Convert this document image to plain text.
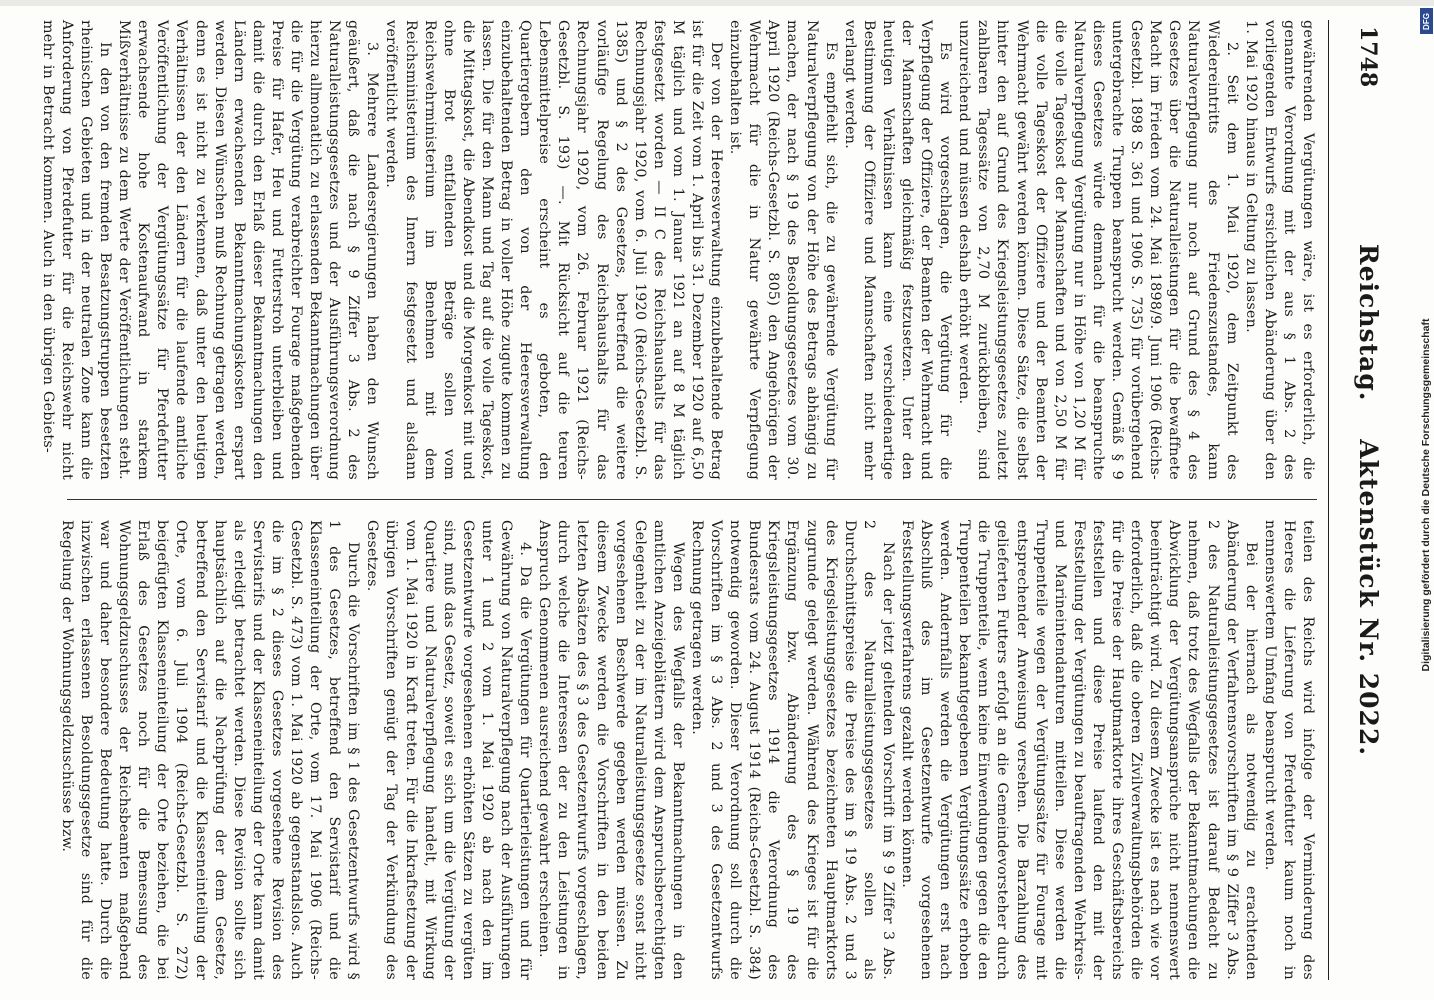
1748
Reichstag. Aktenstück Nr. 2022.

gewährenden Vergütungen wäre, ist es erforderlich, die genannte Verordnung mit der aus § 1 Abs. 2 des vorliegenden Entwurfs ersichtlichen Abänderung über den 1. Mai 1920 hinaus in Geltung zu lassen.

2. Seit dem 1. Mai 1920, dem Zeitpunkt des Wiedereintritts des Friedenszustandes, kann Naturalverpflegung nur noch auf Grund des § 4 des Gesetzes über die Naturalleistungen für die bewaffnete Macht im Frieden vom 24. Mai 1898/9. Juni 1906 (Reichs-Gesetzbl. 1898 S. 361 und 1906 S. 735) für vorübergehend untergebrachte Truppen beansprucht werden. Gemäß § 9 dieses Gesetzes würde demnach für die beanspruchte Naturalverpflegung Vergütung nur in Höhe von 1,20 M für die volle Tageskost der Mannschaften und von 2,50 M für die volle Tageskost der Offiziere und der Beamten der Wehrmacht gewährt werden können. Diese Sätze, die selbst hinter den auf Grund des Kriegsleistungsgesetzes zuletzt zahlbaren Tagessätze von 2,70 M zurückbleiben, sind unzureichend und müssen deshalb erhöht werden.

Es wird vorgeschlagen, die Vergütung für die Verpflegung der Offiziere, der Beamten der Wehrmacht und der Mannschaften gleichmäßig festzusetzen. Unter den heutigen Verhältnissen kann eine verschiedenartige Bestimmung der Offiziere und Mannschaften nicht mehr verlangt werden.

Es empfiehlt sich, die zu gewährende Vergütung für Naturalverpflegung von der Höhe des Betrags abhängig zu machen, der nach § 19 des Besoldungsgesetzes vom 30. April 1920 (Reichs-Gesetzbl. S. 805) den Angehörigen der Wehrmacht für die in Natur gewährte Verpflegung einzubehalten ist.

Der von der Heeresverwaltung einzubehaltende Betrag ist für die Zeit vom 1. April bis 31. Dezember 1920 auf 6,50 M täglich und vom 1. Januar 1921 an auf 8 M täglich festgesetzt worden — II C des Reichshaushalts für das Rechnungsjahr 1920, vom 6. Juli 1920 (Reichs-Gesetzbl. S. 1385) und § 2 des Gesetzes, betreffend die weitere vorläufige Regelung des Reichshaushalts für das Rechnungsjahr 1920, vom 26. Februar 1921 (Reichs-Gesetzbl. S. 193) —. Mit Rücksicht auf die teuren Lebensmittelpreise erscheint es geboten, den Quartiergebern den von der Heeresverwaltung einzubehaltenden Betrag in voller Höhe zugute kommen zu lassen. Die für den Mann und Tag auf die volle Tageskost, die Mittagskost, die Abendkost und die Morgenkost mit und ohne Brot entfallenden Beträge sollen vom Reichswehrministerium im Benehmen mit dem Reichsministerium des Innern festgesetzt und alsdann veröffentlicht werden.

3. Mehrere Landesregierungen haben den Wunsch geäußert, daß die nach § 9 Ziffer 3 Abs. 2 des Naturalleistungsgesetzes und der Ausführungsverordnung hierzu allmonatlich zu erlassenden Bekanntmachungen über die für die Vergütung verabreichter Fourage maßgebenden Preise für Hafer, Heu und Futterstroh unterbleiben und damit die durch den Erlaß dieser Bekanntmachungen den Ländern erwachsenden Bekanntmachungskosten erspart werden. Diesen Wünschen muß Rechnung getragen werden, denn es ist nicht zu verkennen, daß unter den heutigen Verhältnissen der den Ländern für die laufende amtliche Veröffentlichung der Vergütungssätze für Pferdefutter erwachsende hohe Kostenaufwand in starkem Mißverhältnisse zu dem Werte der Veröffentlichungen steht.

In den von den fremden Besatzungstruppen besetzten rheinischen Gebieten und in der neutralen Zone kann die Anforderung von Pferdefutter für die Reichswehr nicht mehr in Betracht kommen. Auch in den übrigen Gebiets-

teilen des Reichs wird infolge der Verminderung des Heeres die Lieferung von Pferdefutter kaum noch in nennenswertem Umfang beansprucht werden.

Bei der hiernach als notwendig zu erachtenden Abänderung der Verfahrensvorschriften im § 9 Ziffer 3 Abs. 2 des Naturalleistungsgesetzes ist darauf Bedacht zu nehmen, daß trotz des Wegfalls der Bekanntmachungen die Abwicklung der Vergütungsansprüche nicht nennenswert beeinträchtigt wird. Zu diesem Zwecke ist es nach wie vor erforderlich, daß die oberen Zivilverwaltungsbehörden die für die Preise der Hauptmarktorte ihres Geschäftsbereichs feststellen und diese Preise laufend den mit der Feststellung der Vergütungen zu beauftragenden Wehrkreis- und Marineintendanturen mitteilen. Diese werden die Truppenteile wegen der Vergütungssätze für Fourage mit entsprechender Anweisung versehen. Die Barzahlung des gelieferten Futters erfolgt an die Gemeindevorsteher durch die Truppenteile, wenn keine Einwendungen gegen die den Truppenteilen bekanntgegebenen Vergütungssätze erhoben werden. Andernfalls werden die Vergütungen erst nach Abschluß des im Gesetzentwurfe vorgesehenen Feststellungsverfahrens gezahlt werden können.

Nach der jetzt geltenden Vorschrift im § 9 Ziffer 3 Abs. 2 des Naturalleistungsgesetzes sollen als Durchschnittspreise die Preise des im § 19 Abs. 2 und 3 des Kriegsleistungsgesetzes bezeichneten Hauptmarktorts zugrunde gelegt werden. Während des Krieges ist für die Ergänzung bzw. Abänderung des § 19 des Kriegsleistungsgesetzes 1914 die Verordnung des Bundesrats vom 24. August 1914 (Reichs-Gesetzbl. S. 384) notwendig geworden. Dieser Verordnung soll durch die Vorschriften im § 3 Abs. 2 und 3 des Gesetzentwurfs Rechnung getragen werden.

Wegen des Wegfalls der Bekanntmachungen in den amtlichen Anzeigeblättern wird dem Anspruchsberechtigten Gelegenheit zu der im Naturalleistungsgesetze sonst nicht vorgesehenen Beschwerde gegeben werden müssen. Zu diesem Zwecke werden die Vorschriften in den beiden letzten Absätzen des § 3 des Gesetzentwurfs vorgeschlagen, durch welche die Interessen der zu den Leistungen in Anspruch Genommenen ausreichend gewahrt erscheinen.

4. Da die Vergütungen für Quartierleistungen und für Gewährung von Naturalverpflegung nach der Ausführungen unter 1 und 2 vom 1. Mai 1920 ab nach den im Gesetzentwurfe vorgesehenen erhöhten Sätzen zu vergüten sind, muß das Gesetz, soweit es sich um die Vergütung der Quartiere und Naturalverpflegung handelt, mit Wirkung vom 1. Mai 1920 in Kraft treten. Für die Inkraftsetzung der übrigen Vorschriften genügt der Tag der Verkündung des Gesetzes.

Durch die Vorschriften im § 1 des Gesetzentwurfs wird § 1 des Gesetzes, betreffend den Servistarif und die Klasseneinteilung der Orte, vom 17. Mai 1906 (Reichs-Gesetzbl. S. 473) vom 1. Mai 1920 ab gegenstandslos. Auch die im § 2 dieses Gesetzes vorgesehene Revision des Servistarifs und der Klasseneinteilung der Orte kann damit als erledigt betrachtet werden. Diese Revision sollte sich hauptsächlich auf die Nachprüfung der dem Gesetze, betreffend den Servistarif und die Klasseneinteilung der Orte, vom 6. Juli 1904 (Reichs-Gesetzbl. S. 272) beigefügten Klasseneinteilung der Orte beziehen, die bei Erlaß des Gesetzes noch für die Bemessung des Wohnungsgeldzuschusses der Reichsbeamten maßgebend war und daher besondere Bedeutung hatte. Durch die inzwischen erlassenen Besoldungsgesetze sind für die Regelung der Wohnungsgeldzuschüsse bzw.

Digitalisierung gefördert durch die Deutsche Forschungsgemeinschaft
DFG
